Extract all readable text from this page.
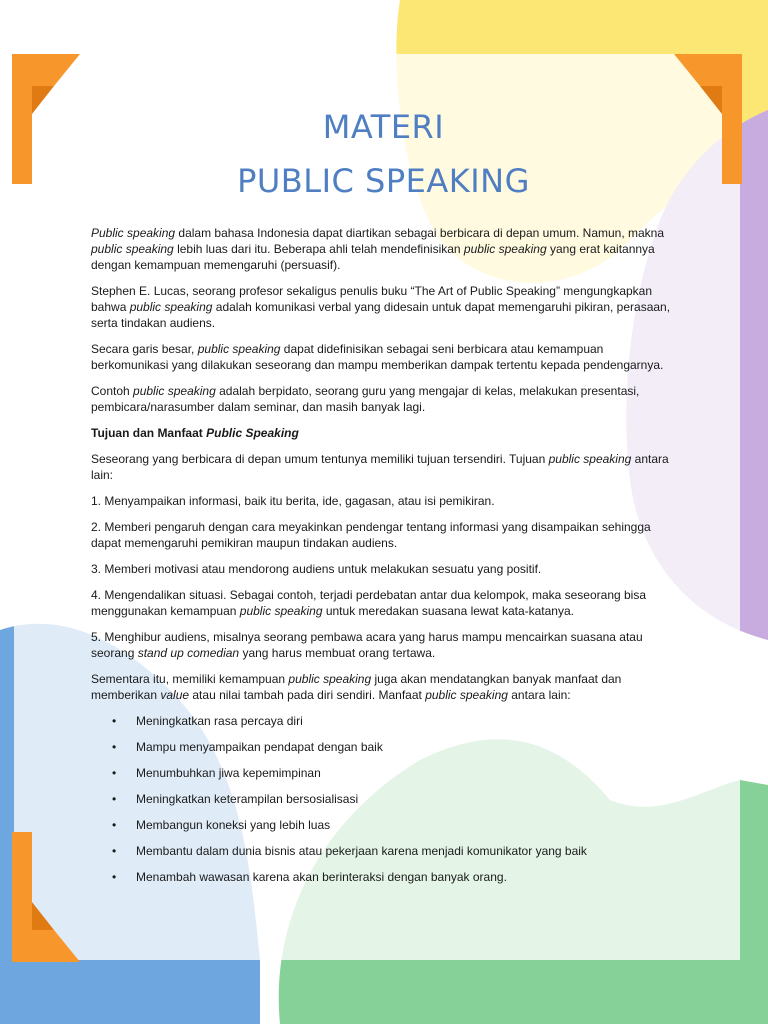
MATERI
PUBLIC SPEAKING

Public speaking dalam bahasa Indonesia dapat diartikan sebagai berbicara di depan umum. Namun, makna public speaking lebih luas dari itu. Beberapa ahli telah mendefinisikan public speaking yang erat kaitannya dengan kemampuan memengaruhi (persuasif).

Stephen E. Lucas, seorang profesor sekaligus penulis buku “The Art of Public Speaking” mengungkapkan bahwa public speaking adalah komunikasi verbal yang didesain untuk dapat memengaruhi pikiran, perasaan, serta tindakan audiens.

Secara garis besar, public speaking dapat didefinisikan sebagai seni berbicara atau kemampuan berkomunikasi yang dilakukan seseorang dan mampu memberikan dampak tertentu kepada pendengarnya.

Contoh public speaking adalah berpidato, seorang guru yang mengajar di kelas, melakukan presentasi, pembicara/narasumber dalam seminar, dan masih banyak lagi.

Tujuan dan Manfaat Public Speaking

Seseorang yang berbicara di depan umum tentunya memiliki tujuan tersendiri. Tujuan public speaking antara lain:

1. Menyampaikan informasi, baik itu berita, ide, gagasan, atau isi pemikiran.
2. Memberi pengaruh dengan cara meyakinkan pendengar tentang informasi yang disampaikan sehingga dapat memengaruhi pemikiran maupun tindakan audiens.
3. Memberi motivasi atau mendorong audiens untuk melakukan sesuatu yang positif.
4. Mengendalikan situasi. Sebagai contoh, terjadi perdebatan antar dua kelompok, maka seseorang bisa menggunakan kemampuan public speaking untuk meredakan suasana lewat kata-katanya.
5. Menghibur audiens, misalnya seorang pembawa acara yang harus mampu mencairkan suasana atau seorang stand up comedian yang harus membuat orang tertawa.

Sementara itu, memiliki kemampuan public speaking juga akan mendatangkan banyak manfaat dan memberikan value atau nilai tambah pada diri sendiri. Manfaat public speaking antara lain:

• Meningkatkan rasa percaya diri
• Mampu menyampaikan pendapat dengan baik
• Menumbuhkan jiwa kepemimpinan
• Meningkatkan keterampilan bersosialisasi
• Membangun koneksi yang lebih luas
• Membantu dalam dunia bisnis atau pekerjaan karena menjadi komunikator yang baik
• Menambah wawasan karena akan berinteraksi dengan banyak orang.
